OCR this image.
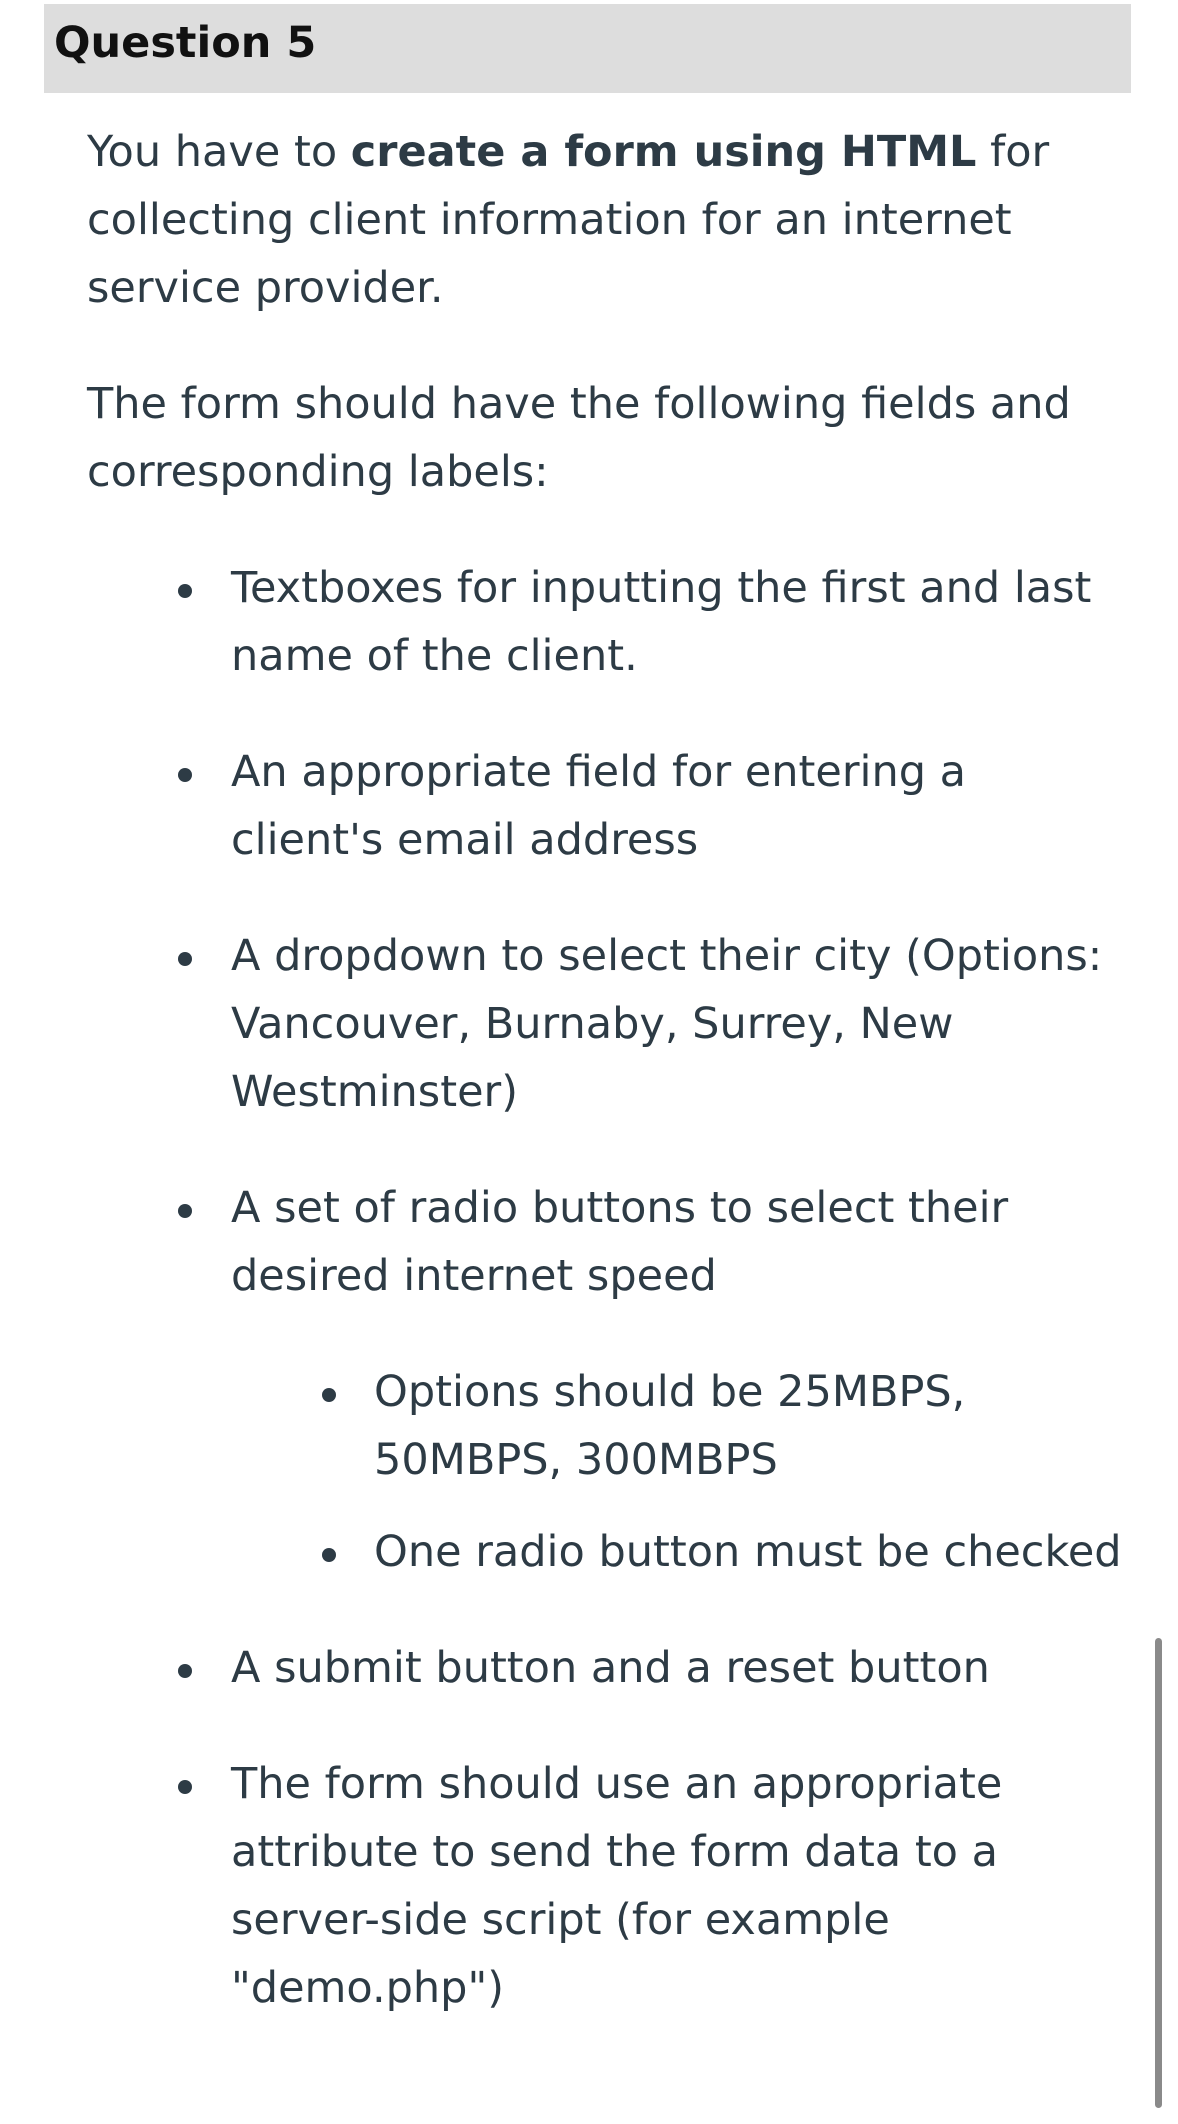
Question 5

You have to create a form using HTML for collecting client information for an internet service provider.

The form should have the following fields and corresponding labels:

Textboxes for inputting the first and last name of the client.
An appropriate field for entering a client's email address
A dropdown to select their city (Options: Vancouver, Burnaby, Surrey, New Westminster)
A set of radio buttons to select their desired internet speed
Options should be 25MBPS, 50MBPS, 300MBPS
One radio button must be checked
A submit button and a reset button
The form should use an appropriate attribute to send the form data to a server-side script (for example "demo.php")
